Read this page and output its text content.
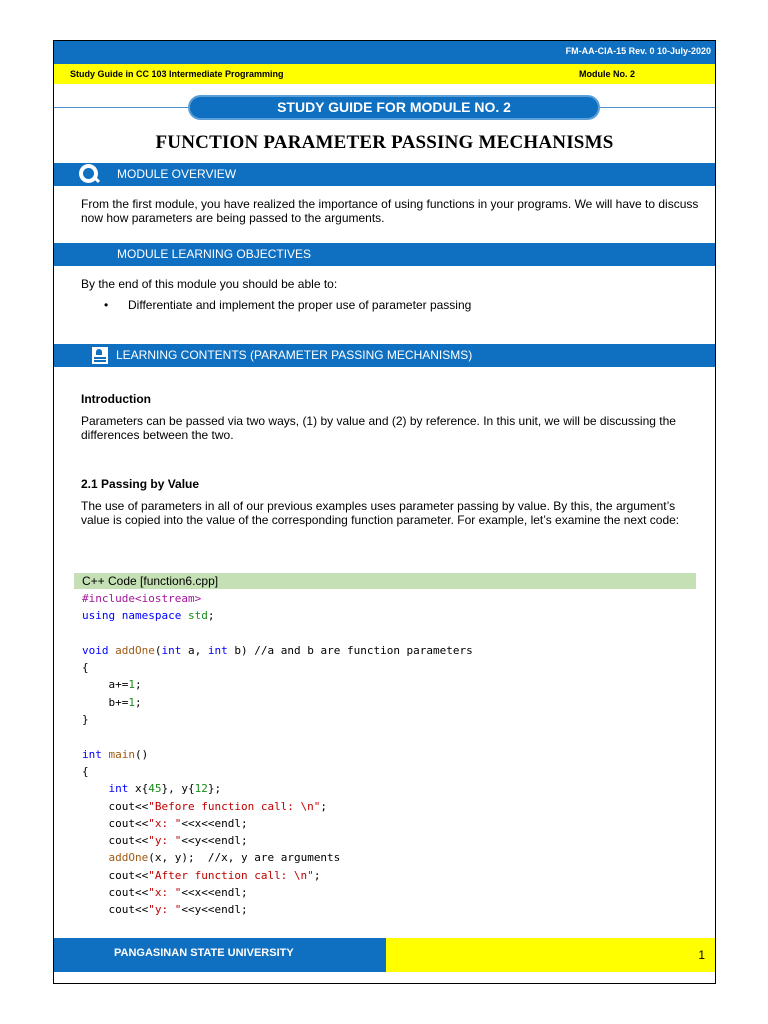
FM-AA-CIA-15 Rev. 0 10-July-2020
Study Guide in CC 103 Intermediate Programming	Module No. 2
STUDY GUIDE FOR MODULE NO. 2
FUNCTION PARAMETER PASSING MECHANISMS
MODULE OVERVIEW
From the first module, you have realized the importance of using functions in your programs. We will have to discuss now how parameters are being passed to the arguments.
MODULE LEARNING OBJECTIVES
By the end of this module you should be able to:
• Differentiate and implement the proper use of parameter passing
LEARNING CONTENTS (PARAMETER PASSING MECHANISMS)
Introduction
Parameters can be passed via two ways, (1) by value and (2) by reference. In this unit, we will be discussing the differences between the two.
2.1 Passing by Value
The use of parameters in all of our previous examples uses parameter passing by value. By this, the argument’s value is copied into the value of the corresponding function parameter. For example, let’s examine the next code:
C++ Code [function6.cpp]
#include<iostream>
using namespace std;

void addOne(int a, int b) //a and b are function parameters
{
a+=1;
b+=1;
}

int main()
{
int x{45}, y{12};
cout<<"Before function call: \n";
cout<<"x: "<<x<<endl;
cout<<"y: "<<y<<endl;
addOne(x, y);  //x, y are arguments
cout<<"After function call: \n";
cout<<"x: "<<x<<endl;
cout<<"y: "<<y<<endl;
PANGASINAN STATE UNIVERSITY	1
